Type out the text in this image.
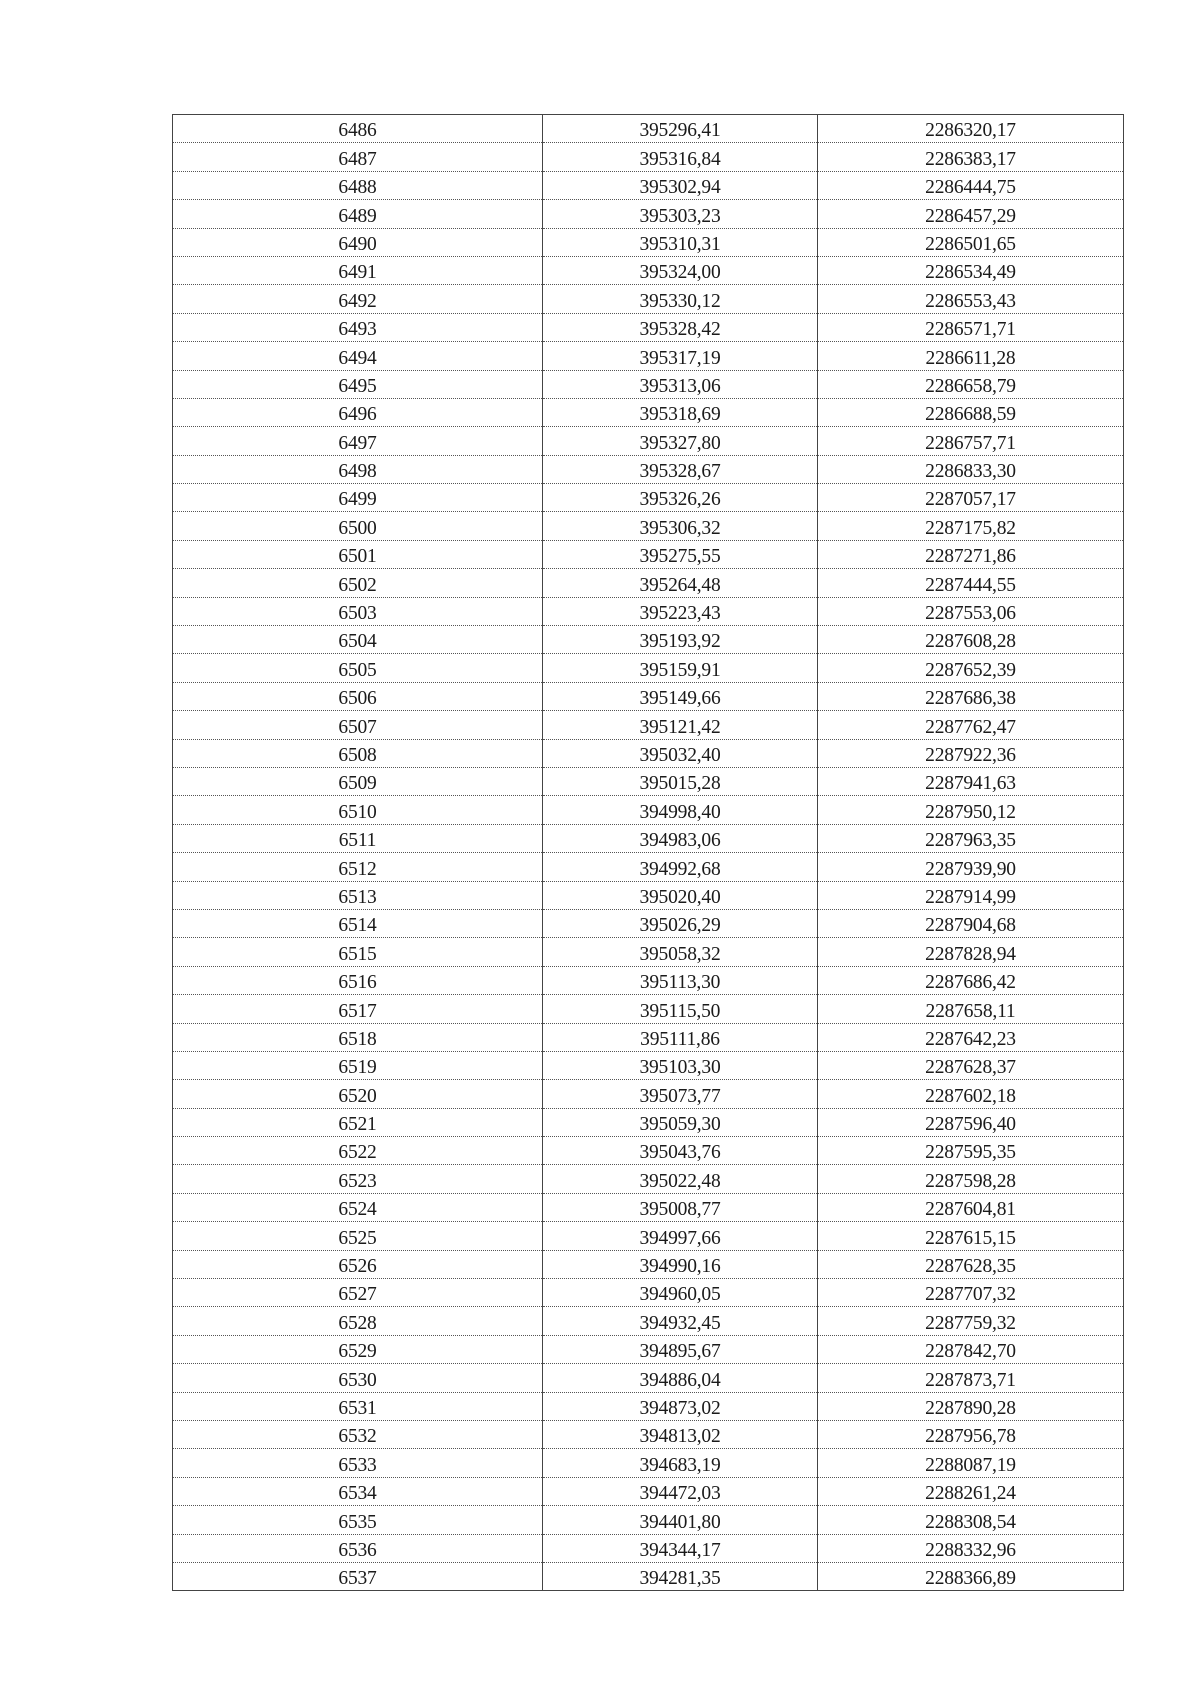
6486	395296,41	2286320,17
6487	395316,84	2286383,17
6488	395302,94	2286444,75
6489	395303,23	2286457,29
6490	395310,31	2286501,65
6491	395324,00	2286534,49
6492	395330,12	2286553,43
6493	395328,42	2286571,71
6494	395317,19	2286611,28
6495	395313,06	2286658,79
6496	395318,69	2286688,59
6497	395327,80	2286757,71
6498	395328,67	2286833,30
6499	395326,26	2287057,17
6500	395306,32	2287175,82
6501	395275,55	2287271,86
6502	395264,48	2287444,55
6503	395223,43	2287553,06
6504	395193,92	2287608,28
6505	395159,91	2287652,39
6506	395149,66	2287686,38
6507	395121,42	2287762,47
6508	395032,40	2287922,36
6509	395015,28	2287941,63
6510	394998,40	2287950,12
6511	394983,06	2287963,35
6512	394992,68	2287939,90
6513	395020,40	2287914,99
6514	395026,29	2287904,68
6515	395058,32	2287828,94
6516	395113,30	2287686,42
6517	395115,50	2287658,11
6518	395111,86	2287642,23
6519	395103,30	2287628,37
6520	395073,77	2287602,18
6521	395059,30	2287596,40
6522	395043,76	2287595,35
6523	395022,48	2287598,28
6524	395008,77	2287604,81
6525	394997,66	2287615,15
6526	394990,16	2287628,35
6527	394960,05	2287707,32
6528	394932,45	2287759,32
6529	394895,67	2287842,70
6530	394886,04	2287873,71
6531	394873,02	2287890,28
6532	394813,02	2287956,78
6533	394683,19	2288087,19
6534	394472,03	2288261,24
6535	394401,80	2288308,54
6536	394344,17	2288332,96
6537	394281,35	2288366,89
